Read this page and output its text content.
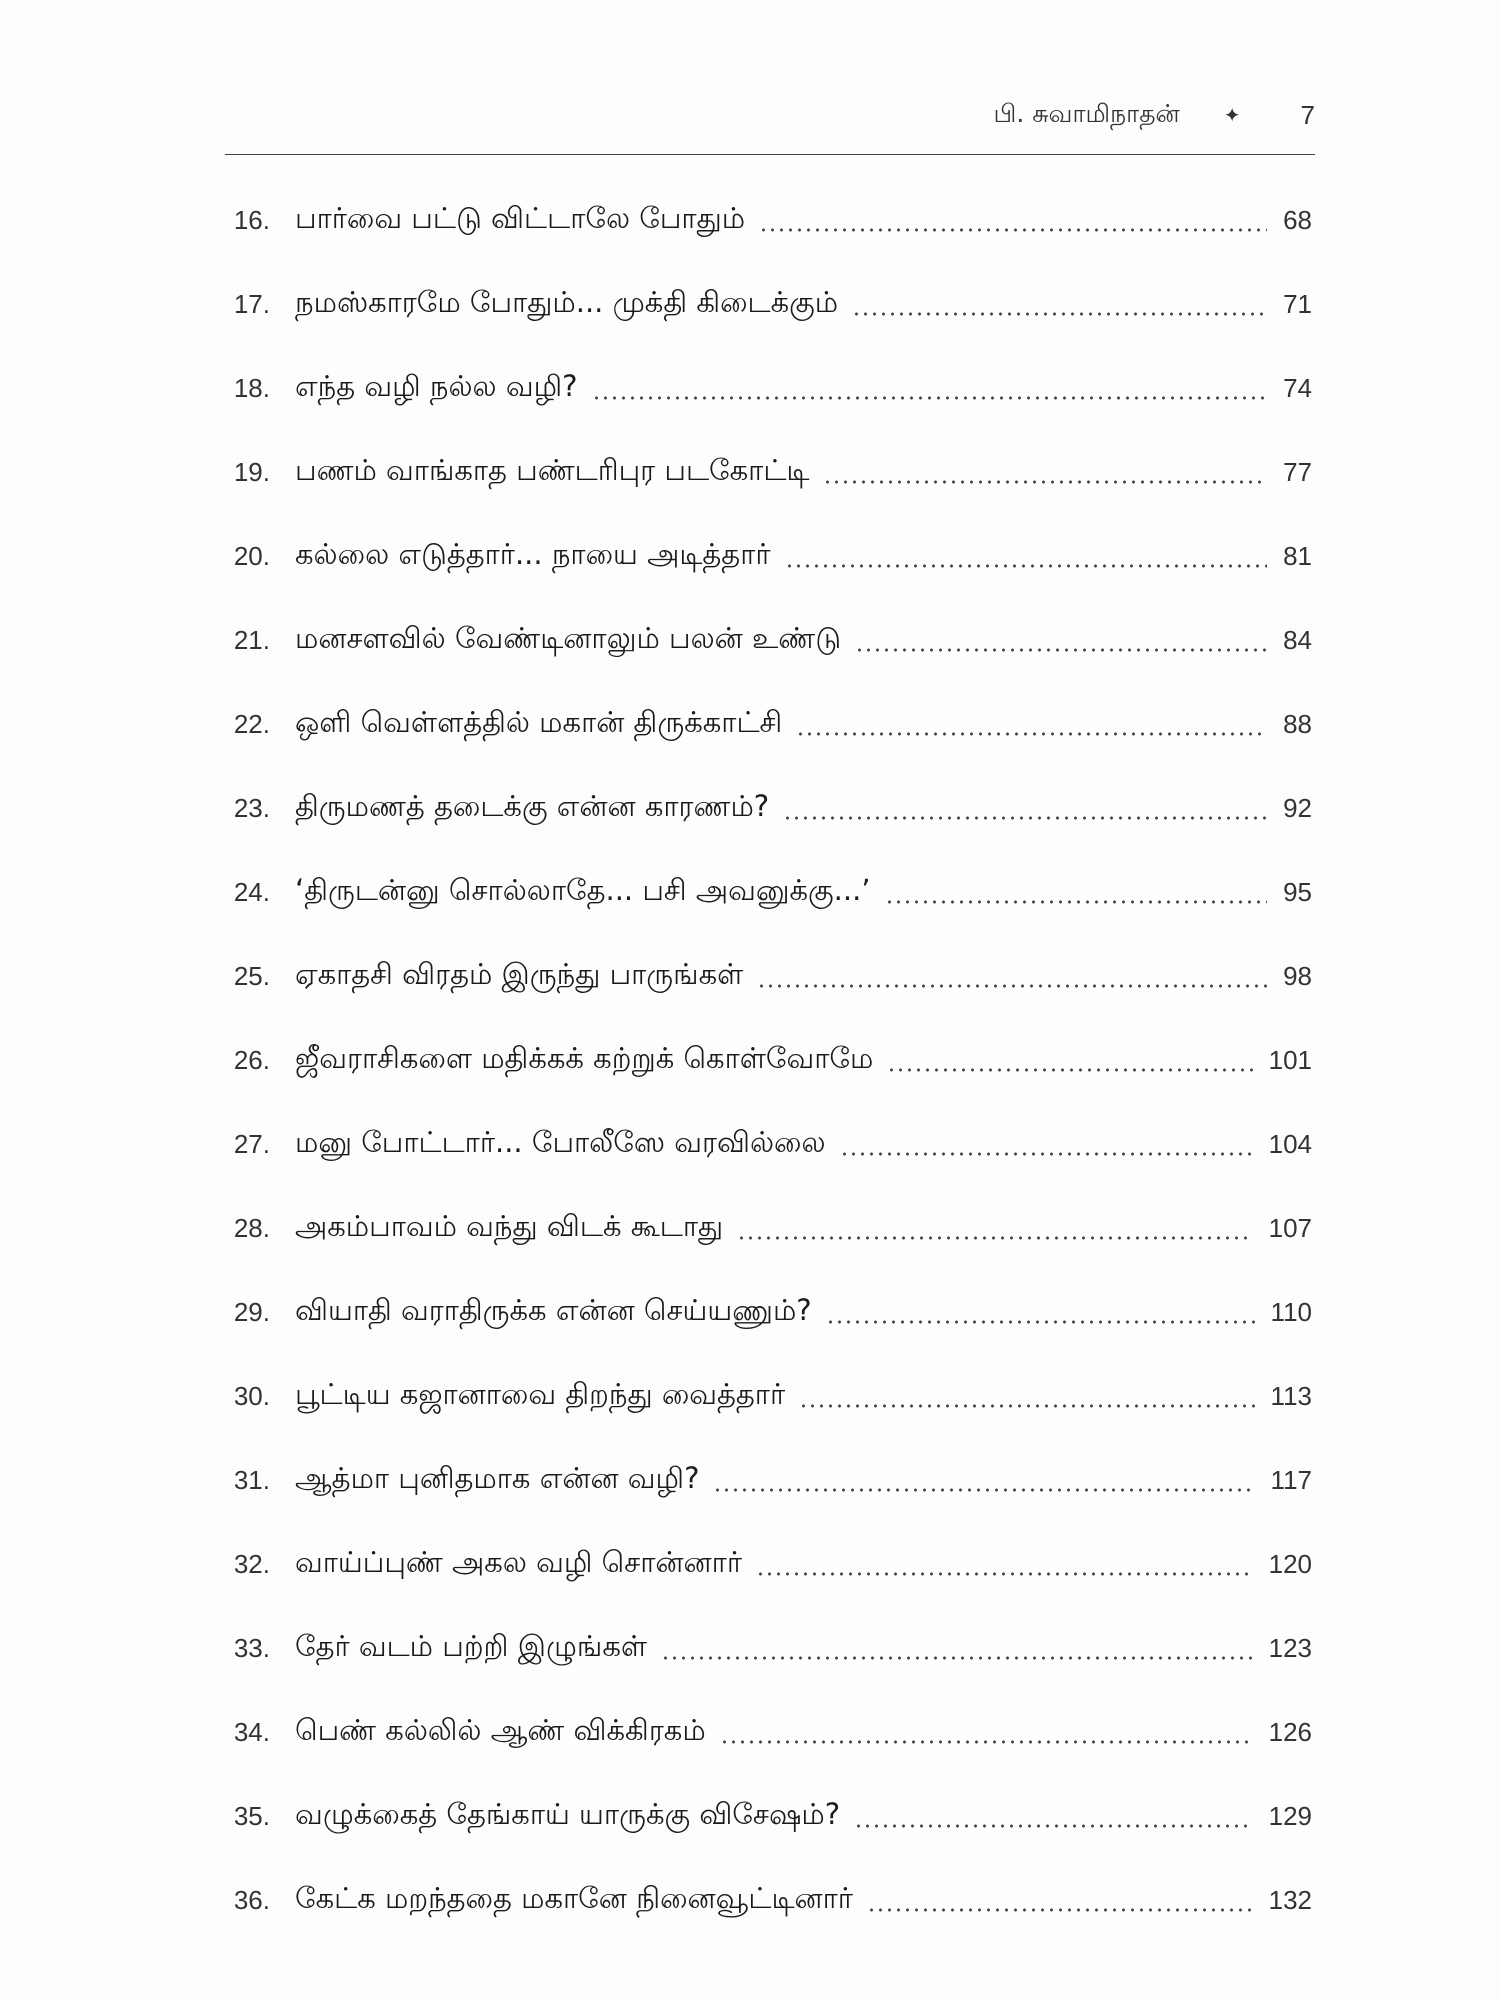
பி. சுவாமிநாதன் ✦ 7
16. பார்வை பட்டு விட்டாலே போதும்	68
17. நமஸ்காரமே போதும்... முக்தி கிடைக்கும்	71
18. எந்த வழி நல்ல வழி?	74
19. பணம் வாங்காத பண்டரிபுர படகோட்டி	77
20. கல்லை எடுத்தார்... நாயை அடித்தார்	81
21. மனசளவில் வேண்டினாலும் பலன் உண்டு	84
22. ஒளி வெள்ளத்தில் மகான் திருக்காட்சி	88
23. திருமணத் தடைக்கு என்ன காரணம்?	92
24. ‘திருடன்னு சொல்லாதே... பசி அவனுக்கு...’	95
25. ஏகாதசி விரதம் இருந்து பாருங்கள்	98
26. ஜீவராசிகளை மதிக்கக் கற்றுக் கொள்வோமே	101
27. மனு போட்டார்... போலீஸே வரவில்லை	104
28. அகம்பாவம் வந்து விடக் கூடாது	107
29. வியாதி வராதிருக்க என்ன செய்யணும்?	110
30. பூட்டிய கஜானாவை திறந்து வைத்தார்	113
31. ஆத்மா புனிதமாக என்ன வழி?	117
32. வாய்ப்புண் அகல வழி சொன்னார்	120
33. தேர் வடம் பற்றி இழுங்கள்	123
34. பெண் கல்லில் ஆண் விக்கிரகம்	126
35. வழுக்கைத் தேங்காய் யாருக்கு விசேஷம்?	129
36. கேட்க மறந்ததை மகானே நினைவூட்டினார்	132
